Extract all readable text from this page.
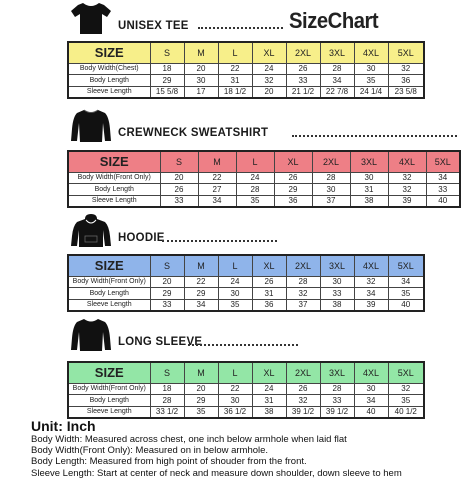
SizeChart
UNISEX TEE
SIZE	S	M	L	XL	2XL	3XL	4XL	5XL
Body Width(Chest)	18	20	22	24	26	28	30	32
Body Length	29	30	31	32	33	34	35	36
Sleeve Length	15 5/8	17	18 1/2	20	21 1/2	22 7/8	24 1/4	23 5/8
CREWNECK SWEATSHIRT
SIZE	S	M	L	XL	2XL	3XL	4XL	5XL
Body Width(Front Only)	20	22	24	26	28	30	32	34
Body Length	26	27	28	29	30	31	32	33
Sleeve Length	33	34	35	36	37	38	39	40
HOODIE
SIZE	S	M	L	XL	2XL	3XL	4XL	5XL
Body Width(Front Only)	20	22	24	26	28	30	32	34
Body Length	29	29	30	31	32	33	34	35
Sleeve Length	33	34	35	36	37	38	39	40
LONG SLEEVE
SIZE	S	M	L	XL	2XL	3XL	4XL	5XL
Body Width(Front Only)	18	20	22	24	26	28	30	32
Body Length	28	29	30	31	32	33	34	35
Sleeve Length	33 1/2	35	36 1/2	38	39 1/2	39 1/2	40	40 1/2
Unit: Inch
Body Width: Measured across chest, one inch below armhole when laid flat
Body Width(Front Only): Measured on in below armhole.
Body Length: Measured from high point of shouder from the front.
Sleeve Length: Start at center of neck and measure down shoulder, down sleeve to hem
